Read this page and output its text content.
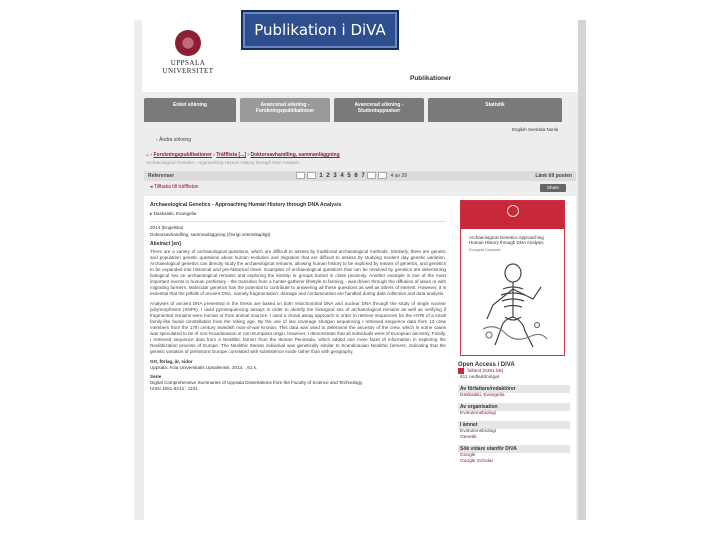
Publikation i DiVA
UPPSALA
UNIVERSITET
Publikationer
Enkel sökning	Avancerad sökning - Forskningspublikationer
Avancerad sökning - Studentuppsatser
Statistik
English Svenska Norsk
‹ Ändra sökning
⌂ › Forskningspublikationer › Träfflista [...] › Doktorsavhandling, sammanläggning
Archaeological Genetics - Approaching Human History through DNA Analysis
Referenser	1 2 3 4 5 6 7	4 av 29	Länk till posten
◂ Tillbaka till träfflistan	Share
Archaeological Genetics - Approaching Human History through DNA Analysis
▸ Daskalaki, Evangelia
2014 (Engelska)
Doktorsavhandling, sammanläggning (Övrigt vetenskapligt)
Abstract [en]

There are a variety of archaeological questions, which are difficult to assess by traditional archaeological methods. Similarly, there are genetic and population genetic questions about human evolution and migration that are difficult to assess by studying modern day genetic variation. Archaeological genetics can directly study the archaeological remains, allowing human history to be explored by means of genetics, and genetics to be expanded into historical and pre-historical times. Examples of archaeological questions that can be resolved by genetics are determining biological sex on archaeological remains and exploring the kinship or groups buried in close proximity. Another example is one of the most important events in human prehistory - the transition from a hunter-gatherer lifestyle to farming - was driven through the diffusion of ideas or with migrating farmers. Molecular genetics has the potential to contribute to answering all these questions as well as others of interest. However, it is essential that the pitfalls of ancient DNA, namely fragmentation, damage and contamination are handled during data collection and data analysis.

Analyses of ancient DNA presented in the thesis are based on both mitochondrial DNA and nuclear DNA through the study of single nuclear polymorphisms (SNPs). I used pyrosequencing assays in order to identify the biological sex of archaeological remains as well as verifying if fragmented remains were human or from animal sources. I used a clonal assay approach in order to retrieve sequences for the HVRI of a small family-like burial constellation from the Viking age. By the use of low coverage shotgun sequencing I retrieved sequence data from 13 crew members from the 17th century Swedish man-of-war Kronan. This data was used to determine the ancestry of the crew, which in some cases was speculated to be of non-Scandinavian or non-European origin. However, I demonstrate that all individuals were of European ancestry. Finally, I retrieved sequence data from a Neolithic farmer from the Iberian Peninsula, which added one more facet of information in exploring the Neolithization process of Europe. The Neolithic Iberian individual was genetically similar to Scandinavian Neolithic farmers, indicating that the genetic variation of prehistoric Europe correlated with subsistence mode rather than with geography.

Ort, förlag, år, sidor
Uppsala: Acta Universitatis Upsaliensis, 2014. , 61 s.
Serie
Digital Comprehensive Summaries of Uppsala Dissertations from the Faculty of Science and Technology,
ISSN 1651-6214 ; 1101
Archaeological Genetics Approaching Human History through DNA Analysis
Evangelia Daskalaki
Open Access i DiVA
fulltext (5351 kB)
611 nedladdningar
Av författare/redaktörer
Daskalaki, Evangelia
Av organisation
Evolutionsbiologi
I ämnet
Evolutionsbiologi
Genetik
Sök vidare utanför DiVA
Google
Google Scholar
